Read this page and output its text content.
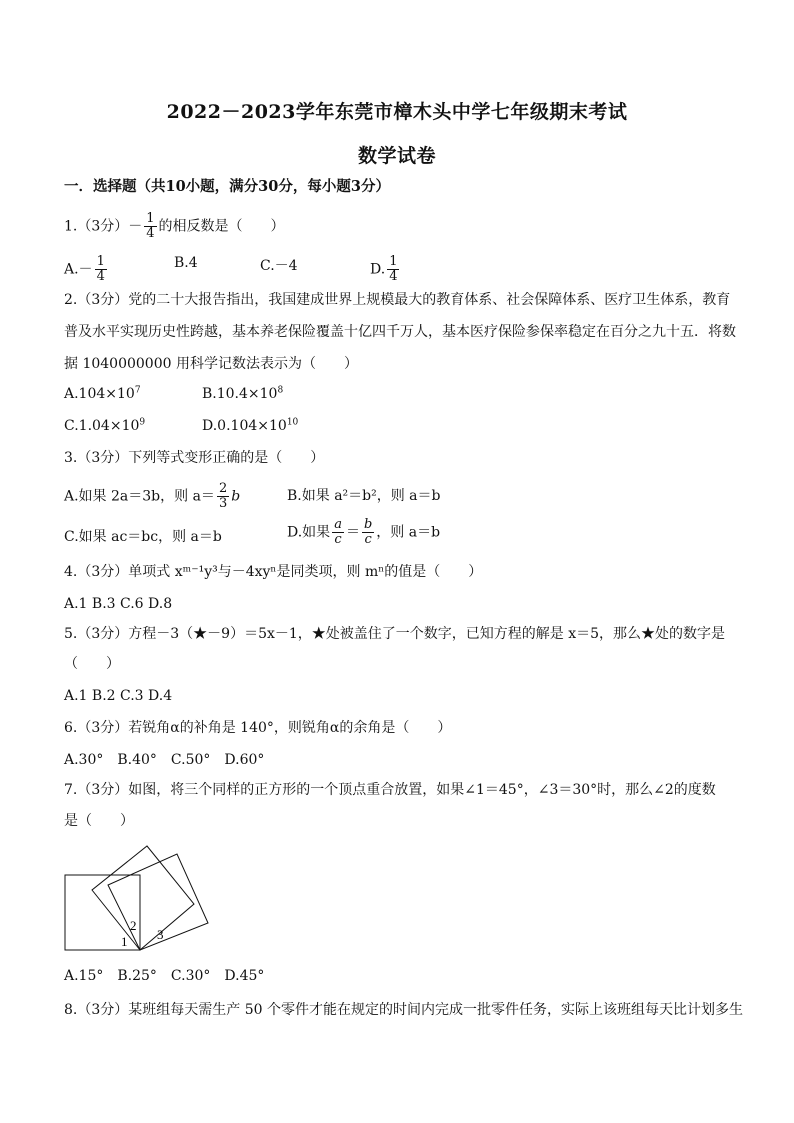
2022－2023学年东莞市樟木头中学七年级期末考试
数学试卷
一．选择题（共10小题，满分30分，每小题3分）
1.（3分）－ $\frac{1}{4}$ 的相反数是（　　）
$A.- \frac{1}{4}$	B.4	C.－4	D. $\frac{1}{4}$
2.（3分）党的二十大报告指出，我国建成世界上规模最大的教育体系、社会保障体系、医疗卫生体系，教育
普及水平实现历史性跨越，基本养老保险覆盖十亿四千万人，基本医疗保险参保率稳定在百分之九十五．将数
据 1040000000 用科学记数法表示为（　　）
$A.104\times 10^7$	$B.10.4\times 10^8$
$C.1.04\times 10^9$	$D.0.104\times 10^{10}$
3.（3分）下列等式变形正确的是（　　）
A.如果 2a＝3b，则 $a= \frac{2}{3}$ b	B.如果 a²＝b²，则 a＝b
C.如果 ac＝bc，则 a＝b	D.如果 $\frac{a}{c} = \frac{b}{c}$ ，则 a＝b
4.（3分）单项式 xᵐ⁻¹y³与－4xyⁿ是同类项，则 mⁿ的值是（　　）
A.1 B.3 C.6 D.8
5.（3分）方程－3（★－9）＝5x－1，★处被盖住了一个数字，已知方程的解是 x＝5，那么★处的数字是
（　　）
A.1 B.2 C.3 D.4
6.（3分）若锐角α的补角是 140°，则锐角α的余角是（　　）
A.30°　B.40°　C.50°　D.60°
7.（3分）如图，将三个同样的正方形的一个顶点重合放置，如果∠1＝45°，∠3＝30°时，那么∠2的度数
是（　　）
1
2
3
A.15°　B.25°　C.30°　D.45°
8.（3分）某班组每天需生产 50 个零件才能在规定的时间内完成一批零件任务，实际上该班组每天比计划多生
